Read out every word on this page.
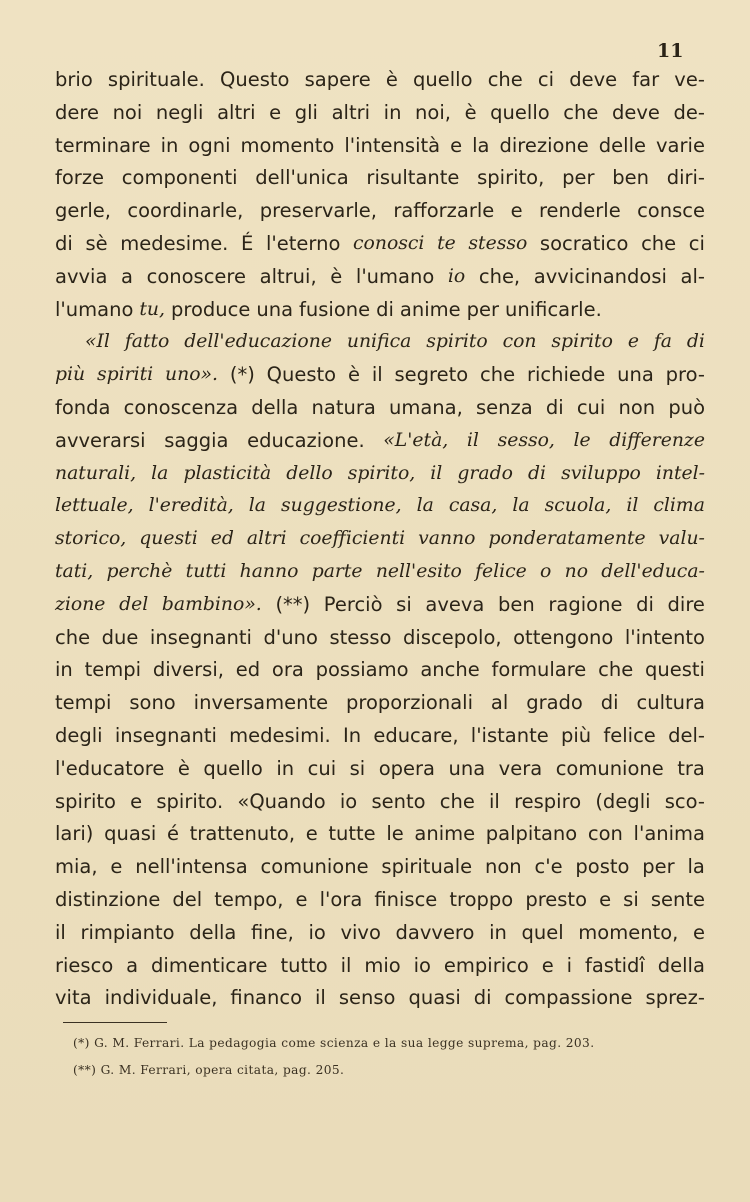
11
brio spirituale. Questo sapere è quello che ci deve far ve-
dere noi negli altri e gli altri in noi, è quello che deve de-
terminare in ogni momento l'intensità e la direzione delle varie
forze componenti dell'unica risultante spirito, per ben diri-
gerle, coordinarle, preservarle, rafforzarle e renderle consce
di sè medesime. É l'eterno conosci te stesso socratico che ci
avvia a conoscere altrui, è l'umano io che, avvicinandosi al-
l'umano tu, produce una fusione di anime per unificarle.
«Il fatto dell'educazione unifica spirito con spirito e fa di
più spiriti uno». (*) Questo è il segreto che richiede una pro-
fonda conoscenza della natura umana, senza di cui non può
avverarsi saggia educazione. «L'età, il sesso, le differenze
naturali, la plasticità dello spirito, il grado di sviluppo intel-
lettuale, l'eredità, la suggestione, la casa, la scuola, il clima
storico, questi ed altri coefficienti vanno ponderatamente valu-
tati, perchè tutti hanno parte nell'esito felice o no dell'educa-
zione del bambino». (**) Perciò si aveva ben ragione di dire
che due insegnanti d'uno stesso discepolo, ottengono l'intento
in tempi diversi, ed ora possiamo anche formulare che questi
tempi sono inversamente proporzionali al grado di cultura
degli insegnanti medesimi. In educare, l'istante più felice del-
l'educatore è quello in cui si opera una vera comunione tra
spirito e spirito. «Quando io sento che il respiro (degli sco-
lari) quasi é trattenuto, e tutte le anime palpitano con l'anima
mia, e nell'intensa comunione spirituale non c'e posto per la
distinzione del tempo, e l'ora finisce troppo presto e si sente
il rimpianto della fine, io vivo davvero in quel momento, e
riesco a dimenticare tutto il mio io empirico e i fastidî della
vita individuale, financo il senso quasi di compassione sprez-
(*) G. M. Ferrari. La pedagogia come scienza e la sua legge suprema, pag. 203.
(**) G. M. Ferrari, opera citata, pag. 205.
